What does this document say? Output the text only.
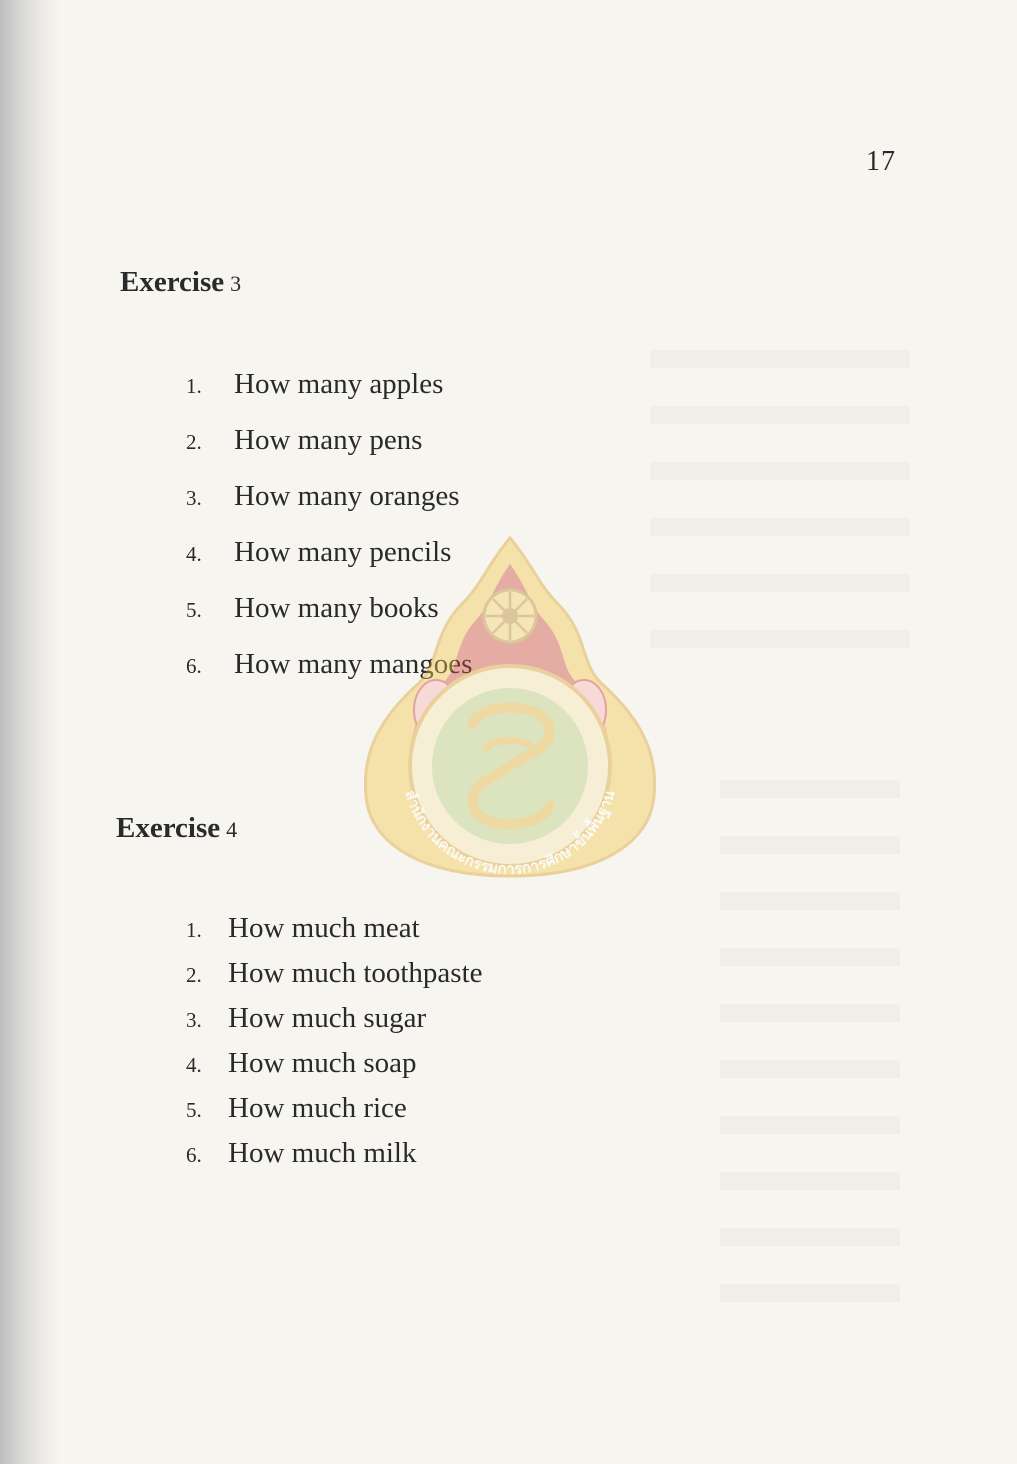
17
Exercise 3
1.	How many apples
2.	How many pens
3.	How many oranges
4.	How many pencils
5.	How many books
6.	How many mangoes
Exercise 4
1. How much meat
2. How much toothpaste
3. How much sugar
4. How much soap
5. How much rice
6. How much milk
สำนักงานคณะกรรมการการศึกษาขั้นพื้นฐาน
